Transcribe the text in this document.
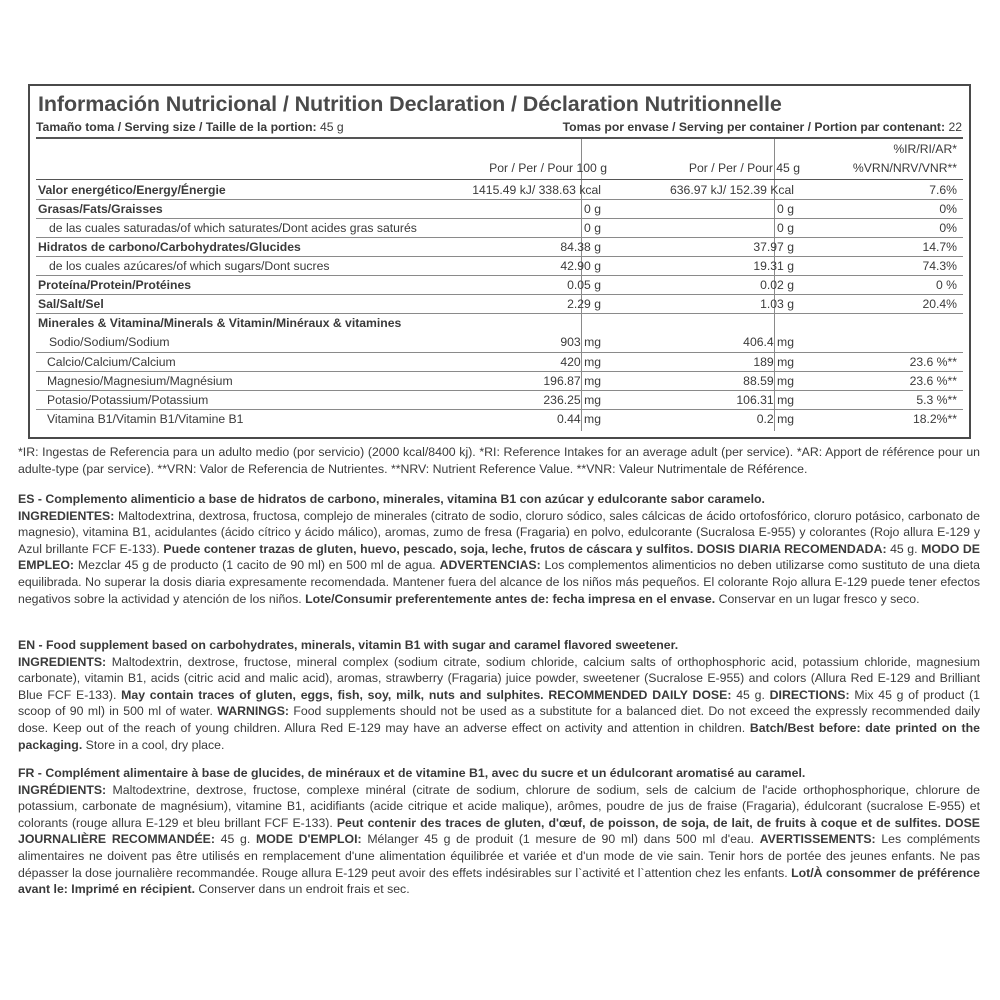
Información Nutricional / Nutrition Declaration / Déclaration Nutritionnelle
Tamaño toma / Serving size / Taille de la portion: 45 g	Tomas por envase / Serving per container / Portion par contenant: 22
Por / Per / Pour 100 g	Por / Per / Pour 45 g
%IR/RI/AR*
%VRN/NRV/VNR**
Valor energético/Energy/Énergie	1415.49 kJ/ 338.63 kcal	636.97 kJ/ 152.39 Kcal	7.6%
Grasas/Fats/Graisses	0 g	0 g	0%
de las cuales saturadas/of which saturates/Dont acides gras saturés	0 g	0 g	0%
Hidratos de carbono/Carbohydrates/Glucides	84.38 g	37.97 g	14.7%
de los cuales azúcares/of which sugars/Dont sucres	42.90 g	19.31 g	74.3%
Proteína/Protein/Protéines	0.05 g	0.02 g	0 %
Sal/Salt/Sel	2.29 g	1.03 g	20.4%
Minerales & Vitamina/Minerals & Vitamin/Minéraux & vitamines
Sodio/Sodium/Sodium	903 mg	406.4 mg
Calcio/Calcium/Calcium	420 mg	189 mg	23.6 %**
Magnesio/Magnesium/Magnésium	196.87 mg	88.59 mg	23.6 %**
Potasio/Potassium/Potassium	236.25 mg	106.31 mg	5.3 %**
Vitamina B1/Vitamin B1/Vitamine B1	0.44 mg	0.2 mg	18.2%**
*IR: Ingestas de Referencia para un adulto medio (por servicio) (2000 kcal/8400 kj). *RI: Reference Intakes for an average adult (per service). *AR: Apport de référence pour un adulte-type (par service). **VRN: Valor de Referencia de Nutrientes. **NRV: Nutrient Reference Value. **VNR: Valeur Nutrimentale de Référence.
ES - Complemento alimenticio a base de hidratos de carbono, minerales, vitamina B1 con azúcar y edulcorante sabor caramelo.
INGREDIENTES: Maltodextrina, dextrosa, fructosa, complejo de minerales (citrato de sodio, cloruro sódico, sales cálcicas de ácido ortofosfórico, cloruro potásico, carbonato de magnesio), vitamina B1, acidulantes (ácido cítrico y ácido málico), aromas, zumo de fresa (Fragaria) en polvo, edulcorante (Sucralosa E-955) y colorantes (Rojo allura E-129 y Azul brillante FCF E-133). Puede contener trazas de gluten, huevo, pescado, soja, leche, frutos de cáscara y sulfitos. DOSIS DIARIA RECOMENDADA: 45 g. MODO DE EMPLEO: Mezclar 45 g de producto (1 cacito de 90 ml) en 500 ml de agua. ADVERTENCIAS: Los complementos alimenticios no deben utilizarse como sustituto de una dieta equilibrada. No superar la dosis diaria expresamente recomendada. Mantener fuera del alcance de los niños más pequeños. El colorante Rojo allura E-129 puede tener efectos negativos sobre la actividad y atención de los niños. Lote/Consumir preferentemente antes de: fecha impresa en el envase. Conservar en un lugar fresco y seco.
EN - Food supplement based on carbohydrates, minerals, vitamin B1 with sugar and caramel flavored sweetener.
INGREDIENTS: Maltodextrin, dextrose, fructose, mineral complex (sodium citrate, sodium chloride, calcium salts of orthophosphoric acid, potassium chloride, magnesium carbonate), vitamin B1, acids (citric acid and malic acid), aromas, strawberry (Fragaria) juice powder, sweetener (Sucralose E-955) and colors (Allura Red E-129 and Brilliant Blue FCF E-133). May contain traces of gluten, eggs, fish, soy, milk, nuts and sulphites. RECOMMENDED DAILY DOSE: 45 g. DIRECTIONS: Mix 45 g of product (1 scoop of 90 ml) in 500 ml of water. WARNINGS: Food supplements should not be used as a substitute for a balanced diet. Do not exceed the expressly recommended daily dose. Keep out of the reach of young children. Allura Red E-129 may have an adverse effect on activity and attention in children. Batch/Best before: date printed on the packaging. Store in a cool, dry place.
FR - Complément alimentaire à base de glucides, de minéraux et de vitamine B1, avec du sucre et un édulcorant aromatisé au caramel.
INGRÉDIENTS: Maltodextrine, dextrose, fructose, complexe minéral (citrate de sodium, chlorure de sodium, sels de calcium de l'acide orthophosphorique, chlorure de potassium, carbonate de magnésium), vitamine B1, acidifiants (acide citrique et acide malique), arômes, poudre de jus de fraise (Fragaria), édulcorant (sucralose E-955) et colorants (rouge allura E-129 et bleu brillant FCF E-133). Peut contenir des traces de gluten, d'œuf, de poisson, de soja, de lait, de fruits à coque et de sulfites. DOSE JOURNALIÈRE RECOMMANDÉE: 45 g. MODE D'EMPLOI: Mélanger 45 g de produit (1 mesure de 90 ml) dans 500 ml d'eau. AVERTISSEMENTS: Les compléments alimentaires ne doivent pas être utilisés en remplacement d'une alimentation équilibrée et variée et d'un mode de vie sain. Tenir hors de portée des jeunes enfants. Ne pas dépasser la dose journalière recommandée. Rouge allura E-129 peut avoir des effets indésirables sur l`activité et l`attention chez les enfants. Lot/À consommer de préférence avant le: Imprimé en récipient. Conserver dans un endroit frais et sec.
